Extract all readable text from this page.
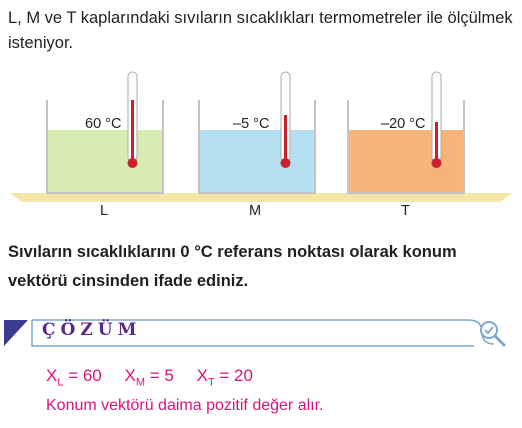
L, M ve T kaplarındaki sıvıların sıcaklıkları termometreler ile ölçülmek isteniyor.
60 °C	–5 °C	–20 °C
L	M	T
Sıvıların sıcaklıklarını 0 °C referans noktası olarak konum vektörü cinsinden ifade ediniz.
ÇÖZÜM
$X_L = 60$ $X_M = 5$ $X_T = 20$
Konum vektörü daima pozitif değer alır.
